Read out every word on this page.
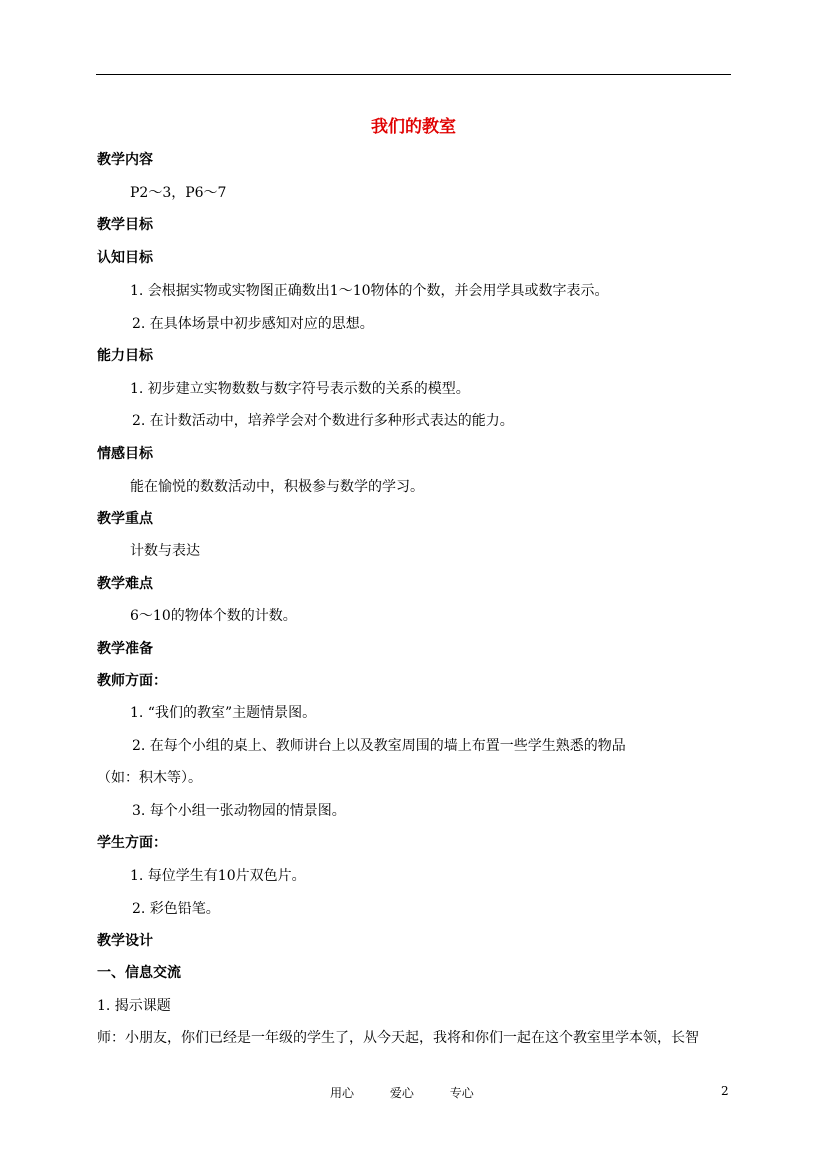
我们的教室
教学内容
P2～3，P6～7
教学目标
认知目标
1. 会根据实物或实物图正确数出1～10物体的个数，并会用学具或数字表示。
2. 在具体场景中初步感知对应的思想。
能力目标
1. 初步建立实物数数与数字符号表示数的关系的模型。
2. 在计数活动中，培养学会对个数进行多种形式表达的能力。
情感目标
能在愉悦的数数活动中，积极参与数学的学习。
教学重点
计数与表达
教学难点
6～10的物体个数的计数。
教学准备
教师方面：
1. “我们的教室”主题情景图。
2. 在每个小组的桌上、教师讲台上以及教室周围的墙上布置一些学生熟悉的物品
（如：积木等）。
3. 每个小组一张动物园的情景图。
学生方面：
1. 每位学生有10片双色片。
2. 彩色铅笔。
教学设计
一、信息交流
1. 揭示课题
师：小朋友，你们已经是一年级的学生了，从今天起，我将和你们一起在这个教室里学本领，长智
用心	爱心	专心	2
